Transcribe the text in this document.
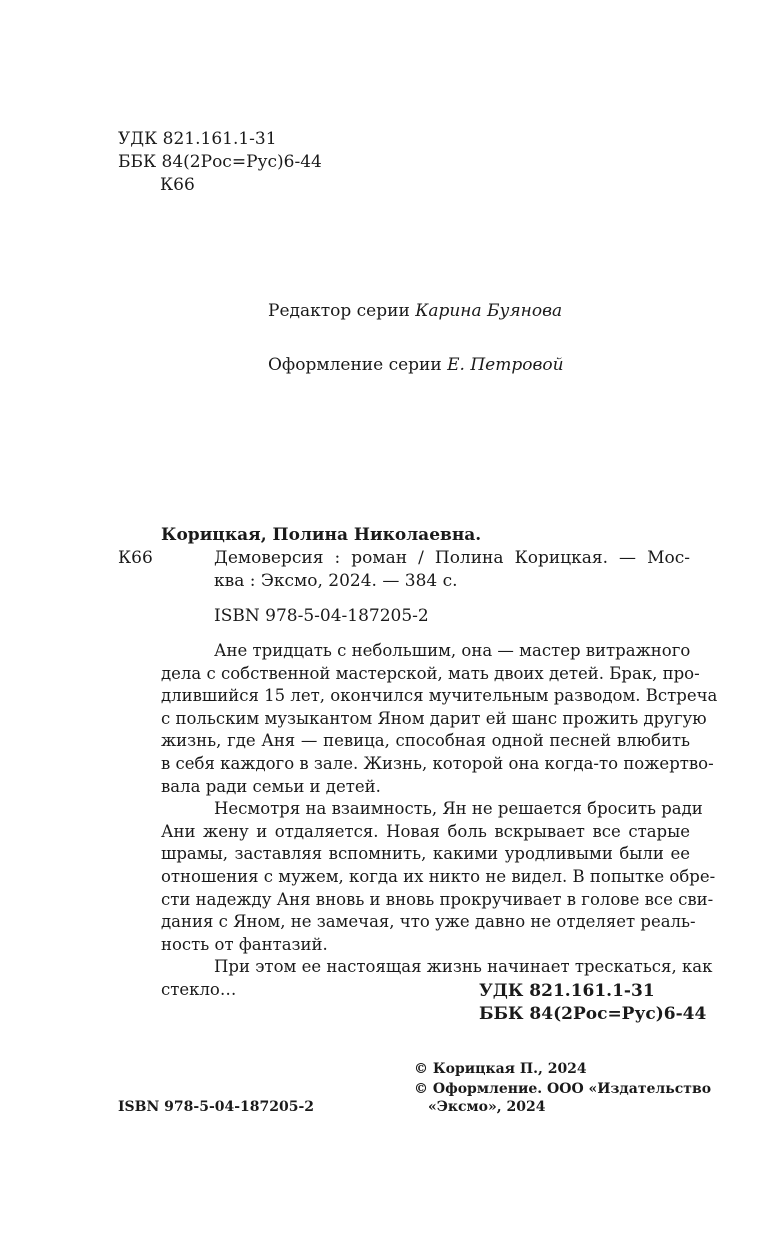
УДК 821.161.1-31
ББК 84(2Рос=Рус)6-44
К66
Редактор серии Карина Буянова
Оформление серии Е. Петровой
Корицкая, Полина Николаевна.
К66	Демоверсия : роман / Полина Корицкая. — Мос-
ква : Эксмо, 2024. — 384 с.
ISBN 978-5-04-187205-2
Ане тридцать с небольшим, она — мастер витражного
дела с собственной мастерской, мать двоих детей. Брак, про-
длившийся 15 лет, окончился мучительным разводом. Встреча
с польским музыкантом Яном дарит ей шанс прожить другую
жизнь, где Аня — певица, способная одной песней влюбить
в себя каждого в зале. Жизнь, которой она когда-то пожертво-
вала ради семьи и детей.
Несмотря на взаимность, Ян не решается бросить ради
Ани жену и отдаляется. Новая боль вскрывает все старые
шрамы, заставляя вспомнить, какими уродливыми были ее
отношения с мужем, когда их никто не видел. В попытке обре-
сти надежду Аня вновь и вновь прокручивает в голове все сви-
дания с Яном, не замечая, что уже давно не отделяет реаль-
ность от фантазий.
При этом ее настоящая жизнь начинает трескаться, как
стекло…	УДК 821.161.1-31
ББК 84(2Рос=Рус)6-44
© Корицкая П., 2024
© Оформление. ООО «Издательство
«Эксмо», 2024
ISBN 978-5-04-187205-2
